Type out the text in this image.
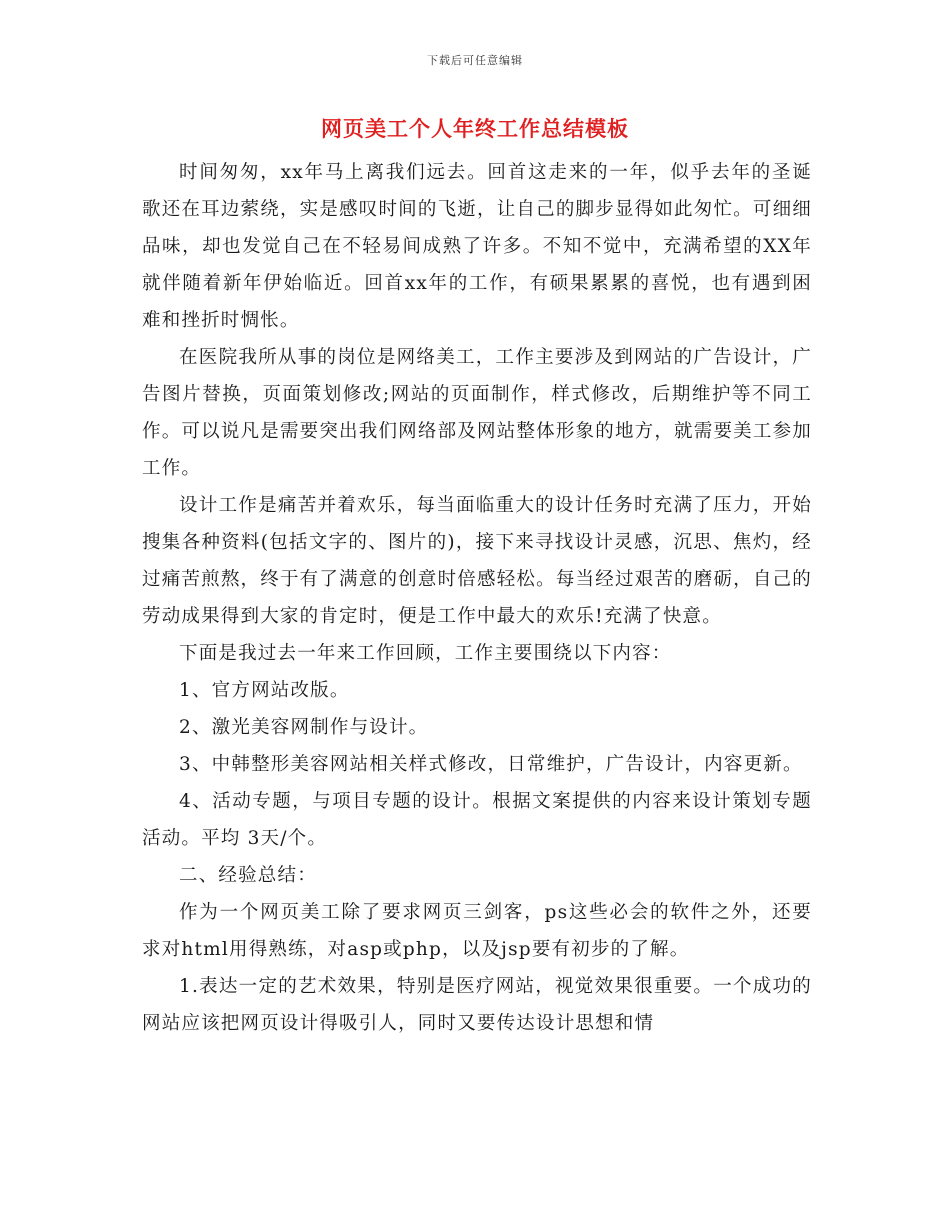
下载后可任意编辑
网页美工个人年终工作总结模板

时间匆匆，xx年马上离我们远去。回首这走来的一年，似乎去年的圣诞歌还在耳边萦绕，实是感叹时间的飞逝，让自己的脚步显得如此匆忙。可细细品味，却也发觉自己在不轻易间成熟了许多。不知不觉中，充满希望的XX年就伴随着新年伊始临近。回首xx年的工作，有硕果累累的喜悦，也有遇到困难和挫折时惆怅。

在医院我所从事的岗位是网络美工，工作主要涉及到网站的广告设计，广告图片替换，页面策划修改;网站的页面制作，样式修改，后期维护等不同工作。可以说凡是需要突出我们网络部及网站整体形象的地方，就需要美工参加工作。

设计工作是痛苦并着欢乐，每当面临重大的设计任务时充满了压力，开始搜集各种资料(包括文字的、图片的)，接下来寻找设计灵感，沉思、焦灼，经过痛苦煎熬，终于有了满意的创意时倍感轻松。每当经过艰苦的磨砺，自己的劳动成果得到大家的肯定时，便是工作中最大的欢乐!充满了快意。

下面是我过去一年来工作回顾，工作主要围绕以下内容：

1、官方网站改版。

2、激光美容网制作与设计。

3、中韩整形美容网站相关样式修改，日常维护，广告设计，内容更新。

4、活动专题，与项目专题的设计。根据文案提供的内容来设计策划专题活动。平均 3天/个。

二、经验总结：

作为一个网页美工除了要求网页三剑客，ps这些必会的软件之外，还要求对html用得熟练，对asp或php，以及jsp要有初步的了解。

1.表达一定的艺术效果，特别是医疗网站，视觉效果很重要。一个成功的网站应该把网页设计得吸引人，同时又要传达设计思想和情
